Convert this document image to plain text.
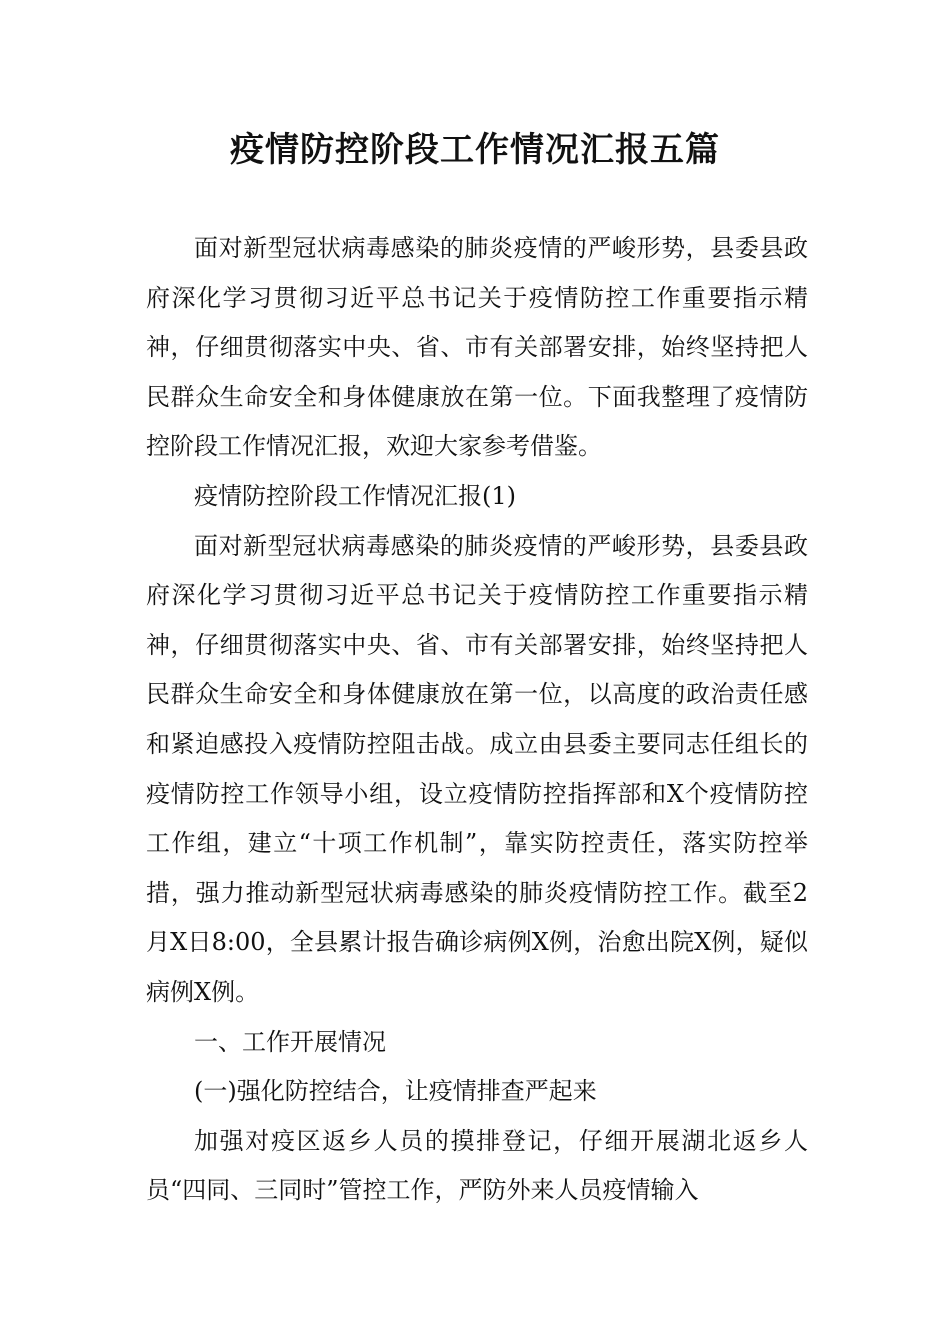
疫情防控阶段工作情况汇报五篇

面对新型冠状病毒感染的肺炎疫情的严峻形势，县委县政府深化学习贯彻习近平总书记关于疫情防控工作重要指示精神，仔细贯彻落实中央、省、市有关部署安排，始终坚持把人民群众生命安全和身体健康放在第一位。下面我整理了疫情防控阶段工作情况汇报，欢迎大家参考借鉴。

疫情防控阶段工作情况汇报(1)

面对新型冠状病毒感染的肺炎疫情的严峻形势，县委县政府深化学习贯彻习近平总书记关于疫情防控工作重要指示精神，仔细贯彻落实中央、省、市有关部署安排，始终坚持把人民群众生命安全和身体健康放在第一位，以高度的政治责任感和紧迫感投入疫情防控阻击战。成立由县委主要同志任组长的疫情防控工作领导小组，设立疫情防控指挥部和X个疫情防控工作组，建立“十项工作机制”，靠实防控责任，落实防控举措，强力推动新型冠状病毒感染的肺炎疫情防控工作。截至2月X日8:00，全县累计报告确诊病例X例，治愈出院X例，疑似病例X例。

一、工作开展情况

(一)强化防控结合，让疫情排查严起来

加强对疫区返乡人员的摸排登记，仔细开展湖北返乡人员“四同、三同时”管控工作，严防外来人员疫情输入
